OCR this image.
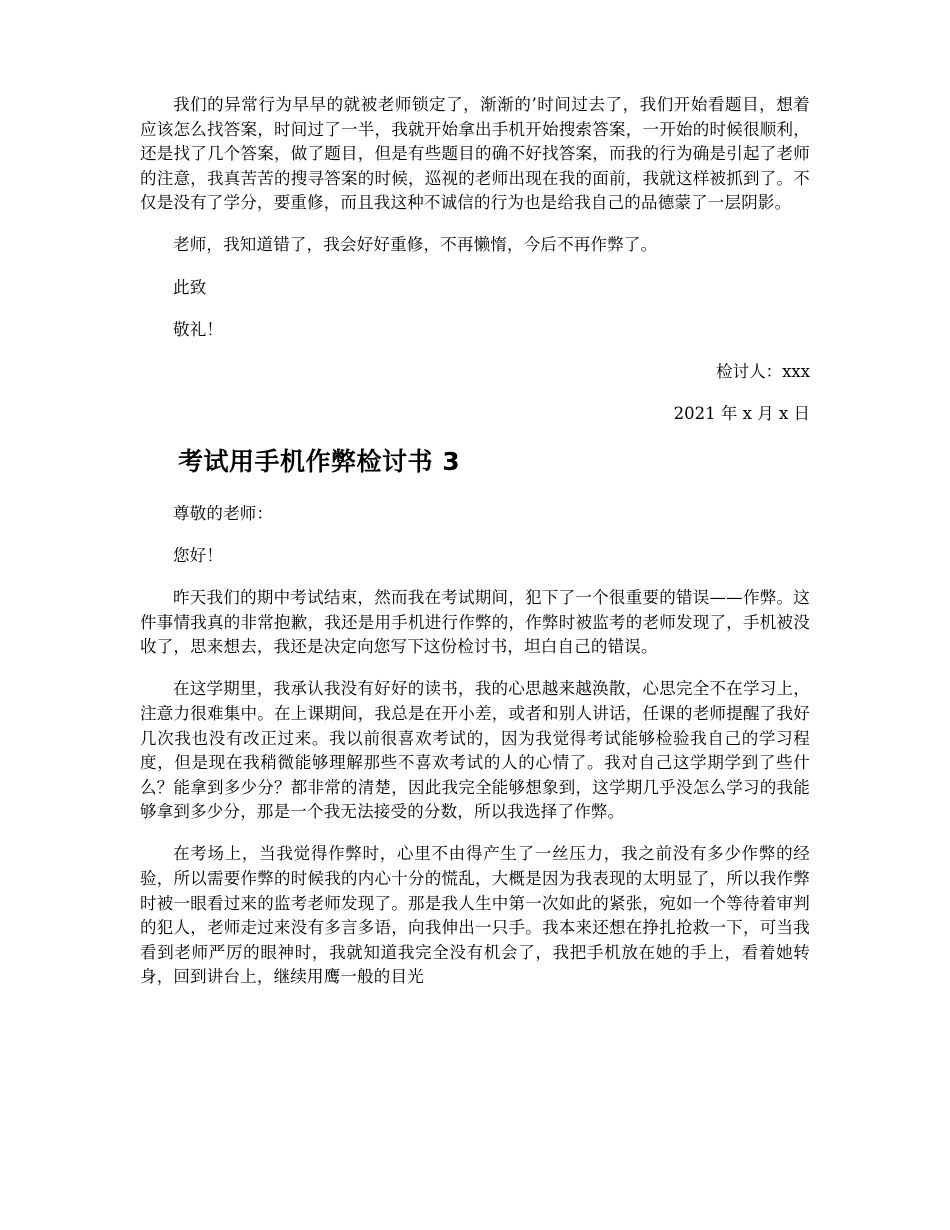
我们的异常行为早早的就被老师锁定了，渐渐的’时间过去了，我们开始看题目，想着应该怎么找答案，时间过了一半，我就开始拿出手机开始搜索答案，一开始的时候很顺利，还是找了几个答案，做了题目，但是有些题目的确不好找答案，而我的行为确是引起了老师的注意，我真苦苦的搜寻答案的时候，巡视的老师出现在我的面前，我就这样被抓到了。不仅是没有了学分，要重修，而且我这种不诚信的行为也是给我自己的品德蒙了一层阴影。

老师，我知道错了，我会好好重修，不再懒惰，今后不再作弊了。

此致

敬礼！

检讨人：xxx

2021 年 x 月 x 日

考试用手机作弊检讨书 3

尊敬的老师：

您好！

昨天我们的期中考试结束，然而我在考试期间，犯下了一个很重要的错误——作弊。这件事情我真的非常抱歉，我还是用手机进行作弊的，作弊时被监考的老师发现了，手机被没收了，思来想去，我还是决定向您写下这份检讨书，坦白自己的错误。

在这学期里，我承认我没有好好的读书，我的心思越来越涣散，心思完全不在学习上，注意力很难集中。在上课期间，我总是在开小差，或者和别人讲话，任课的老师提醒了我好几次我也没有改正过来。我以前很喜欢考试的，因为我觉得考试能够检验我自己的学习程度，但是现在我稍微能够理解那些不喜欢考试的人的心情了。我对自己这学期学到了些什么？能拿到多少分？都非常的清楚，因此我完全能够想象到，这学期几乎没怎么学习的我能够拿到多少分，那是一个我无法接受的分数，所以我选择了作弊。

在考场上，当我觉得作弊时，心里不由得产生了一丝压力，我之前没有多少作弊的经验，所以需要作弊的时候我的内心十分的慌乱，大概是因为我表现的太明显了，所以我作弊时被一眼看过来的监考老师发现了。那是我人生中第一次如此的紧张，宛如一个等待着审判的犯人，老师走过来没有多言多语，向我伸出一只手。我本来还想在挣扎抢救一下，可当我看到老师严厉的眼神时，我就知道我完全没有机会了，我把手机放在她的手上，看着她转身，回到讲台上，继续用鹰一般的目光
